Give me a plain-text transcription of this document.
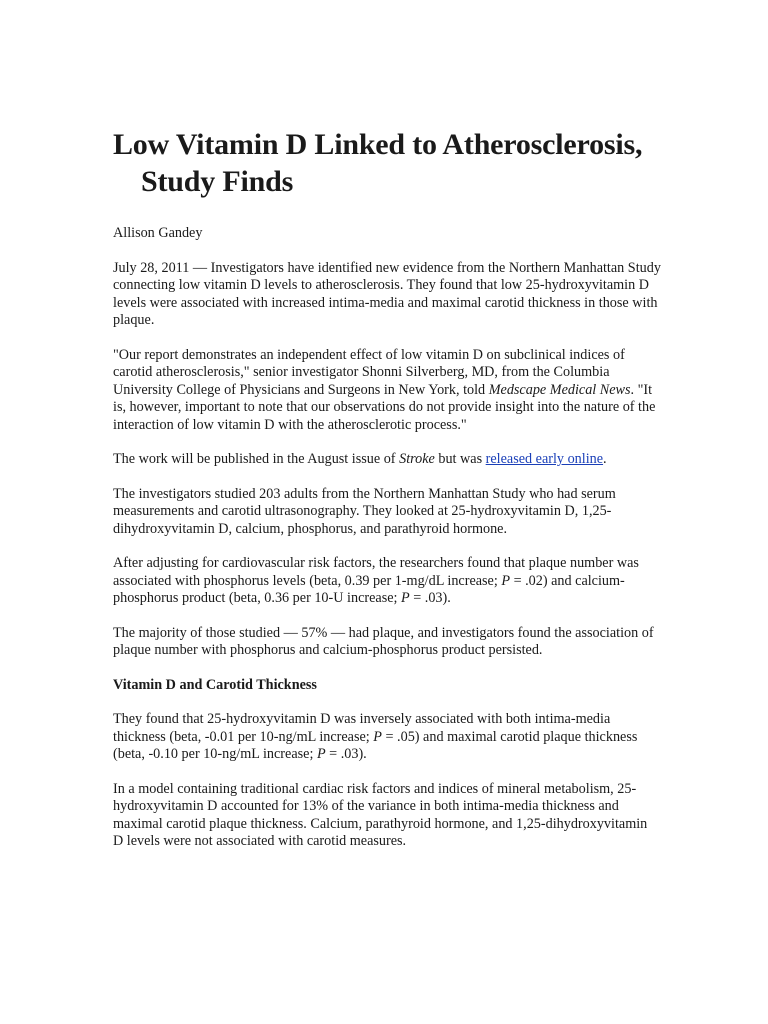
Low Vitamin D Linked to Atherosclerosis, Study Finds
Allison Gandey

July 28, 2011 — Investigators have identified new evidence from the Northern Manhattan Study connecting low vitamin D levels to atherosclerosis. They found that low 25-hydroxyvitamin D levels were associated with increased intima-media and maximal carotid thickness in those with plaque.

"Our report demonstrates an independent effect of low vitamin D on subclinical indices of carotid atherosclerosis," senior investigator Shonni Silverberg, MD, from the Columbia University College of Physicians and Surgeons in New York, told Medscape Medical News. "It is, however, important to note that our observations do not provide insight into the nature of the interaction of low vitamin D with the atherosclerotic process."

The work will be published in the August issue of Stroke but was released early online.

The investigators studied 203 adults from the Northern Manhattan Study who had serum measurements and carotid ultrasonography. They looked at 25-hydroxyvitamin D, 1,25-dihydroxyvitamin D, calcium, phosphorus, and parathyroid hormone.

After adjusting for cardiovascular risk factors, the researchers found that plaque number was associated with phosphorus levels (beta, 0.39 per 1-mg/dL increase; P = .02) and calcium-phosphorus product (beta, 0.36 per 10-U increase; P = .03).

The majority of those studied — 57% — had plaque, and investigators found the association of plaque number with phosphorus and calcium-phosphorus product persisted.

Vitamin D and Carotid Thickness

They found that 25-hydroxyvitamin D was inversely associated with both intima-media thickness (beta, -0.01 per 10-ng/mL increase; P = .05) and maximal carotid plaque thickness (beta, -0.10 per 10-ng/mL increase; P = .03).

In a model containing traditional cardiac risk factors and indices of mineral metabolism, 25-hydroxyvitamin D accounted for 13% of the variance in both intima-media thickness and maximal carotid plaque thickness. Calcium, parathyroid hormone, and 1,25-dihydroxyvitamin D levels were not associated with carotid measures.
